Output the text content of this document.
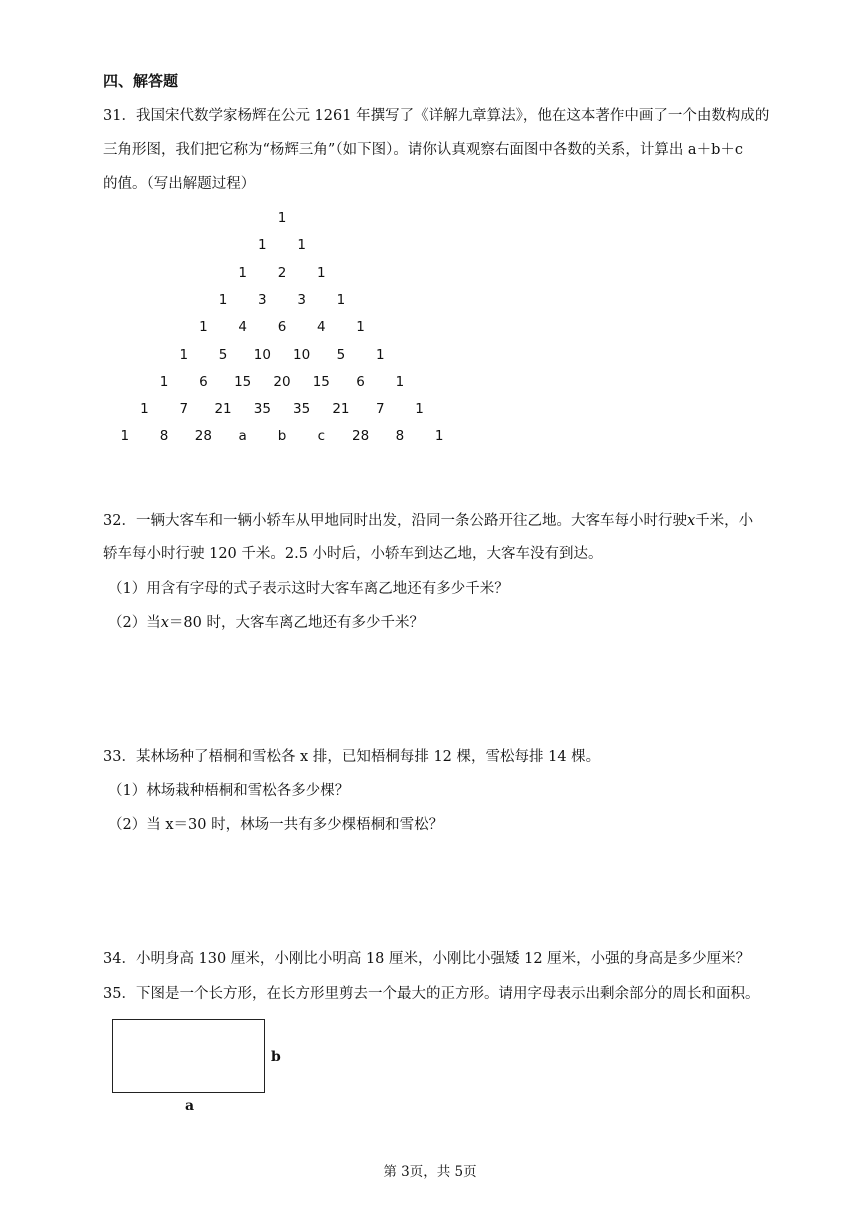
四、解答题
31．我国宋代数学家杨辉在公元 1261 年撰写了《详解九章算法》，他在这本著作中画了一个由数构成的
三角形图，我们把它称为“杨辉三角”（如下图）。请你认真观察右面图中各数的关系，计算出 a＋b＋c
的值。（写出解题过程）
1
1 1
1 2 1
1 3 3 1
1 4 6 4 1
1 5 10 10 5 1
1 6 15 20 15 6 1
1 7 21 35 35 21 7 1
1 8 28 a b c 28 8 1
32．一辆大客车和一辆小轿车从甲地同时出发，沿同一条公路开往乙地。大客车每小时行驶x千米，小
轿车每小时行驶 120 千米。2.5 小时后，小轿车到达乙地，大客车没有到达。
（1）用含有字母的式子表示这时大客车离乙地还有多少千米？
（2）当x＝80 时，大客车离乙地还有多少千米？
33．某林场种了梧桐和雪松各 x 排，已知梧桐每排 12 棵，雪松每排 14 棵。
（1）林场栽种梧桐和雪松各多少棵？
（2）当 x＝30 时，林场一共有多少棵梧桐和雪松？
34．小明身高 130 厘米，小刚比小明高 18 厘米，小刚比小强矮 12 厘米，小强的身高是多少厘米？
35．下图是一个长方形，在长方形里剪去一个最大的正方形。请用字母表示出剩余部分的周长和面积。
b
a
第 3页，共 5页
